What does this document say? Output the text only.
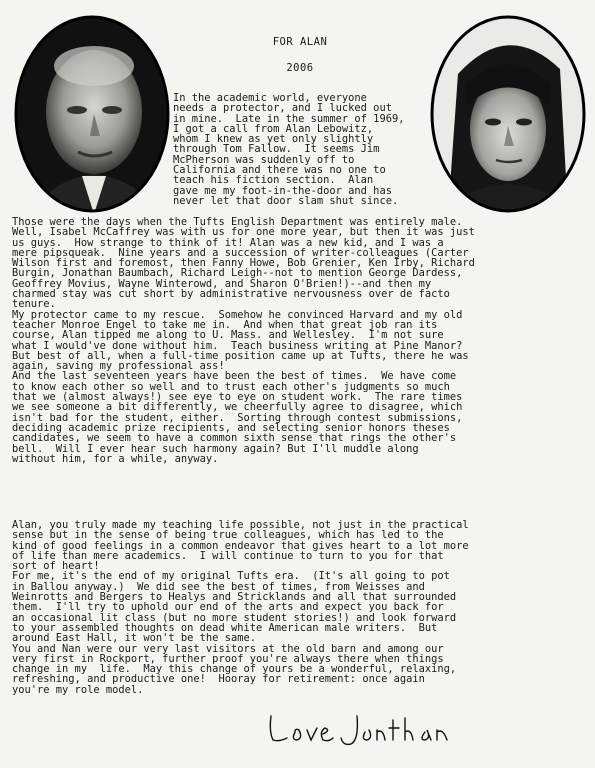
FOR ALAN
2006
In the academic world, everyone
needs a protector, and I lucked out
in mine.  Late in the summer of 1969,
I got a call from Alan Lebowitz,
whom I knew as yet only slightly
through Tom Fallow.  It seems Jim
McPherson was suddenly off to
California and there was no one to
teach his fiction section.  Alan
gave me my foot-in-the-door and has
never let that door slam shut since.
Those were the days when the Tufts English Department was entirely male.
Well, Isabel McCaffrey was with us for one more year, but then it was just
us guys.  How strange to think of it! Alan was a new kid, and I was a
mere pipsqueak.  Nine years and a succession of writer-colleagues (Carter
Wilson first and foremost, then Fanny Howe, Bob Grenier, Ken Irby, Richard
Burgin, Jonathan Baumbach, Richard Leigh--not to mention George Dardess,
Geoffrey Movius, Wayne Winterowd, and Sharon O'Brien!)--and then my
charmed stay was cut short by administrative nervousness over de facto
tenure.
My protector came to my rescue.  Somehow he convinced Harvard and my old
teacher Monroe Engel to take me in.  And when that great job ran its
course, Alan tipped me along to U. Mass. and Wellesley.  I'm not sure
what I would've done without him.  Teach business writing at Pine Manor?
But best of all, when a full-time position came up at Tufts, there he was
again, saving my professional ass!
And the last seventeen years have been the best of times.  We have come
to know each other so well and to trust each other's judgments so much
that we (almost always!) see eye to eye on student work.  The rare times
we see someone a bit differently, we cheerfully agree to disagree, which
isn't bad for the student, either.  Sorting through contest submissions,
deciding academic prize recipients, and selecting senior honors theses
candidates, we seem to have a common sixth sense that rings the other's
bell.  Will I ever hear such harmony again? But I'll muddle along
without him, for a while, anyway.
Alan, you truly made my teaching life possible, not just in the practical
sense but in the sense of being true colleagues, which has led to the
kind of good feelings in a common endeavor that gives heart to a lot more
of life than mere academics.  I will continue to turn to you for that
sort of heart!
For me, it's the end of my original Tufts era.  (It's all going to pot
in Ballou anyway.)  We did see the best of times, from Weisses and
Weinrotts and Bergers to Healys and Stricklands and all that surrounded
them.  I'll try to uphold our end of the arts and expect you back for
an occasional lit class (but no more student stories!) and look forward
to your assembled thoughts on dead white American male writers.  But
around East Hall, it won't be the same.
You and Nan were our very last visitors at the old barn and among our
very first in Rockport, further proof you're always there when things
change in my  life.  May this change of yours be a wonderful, relaxing,
refreshing, and productive one!  Hooray for retirement: once again
you're my role model.
